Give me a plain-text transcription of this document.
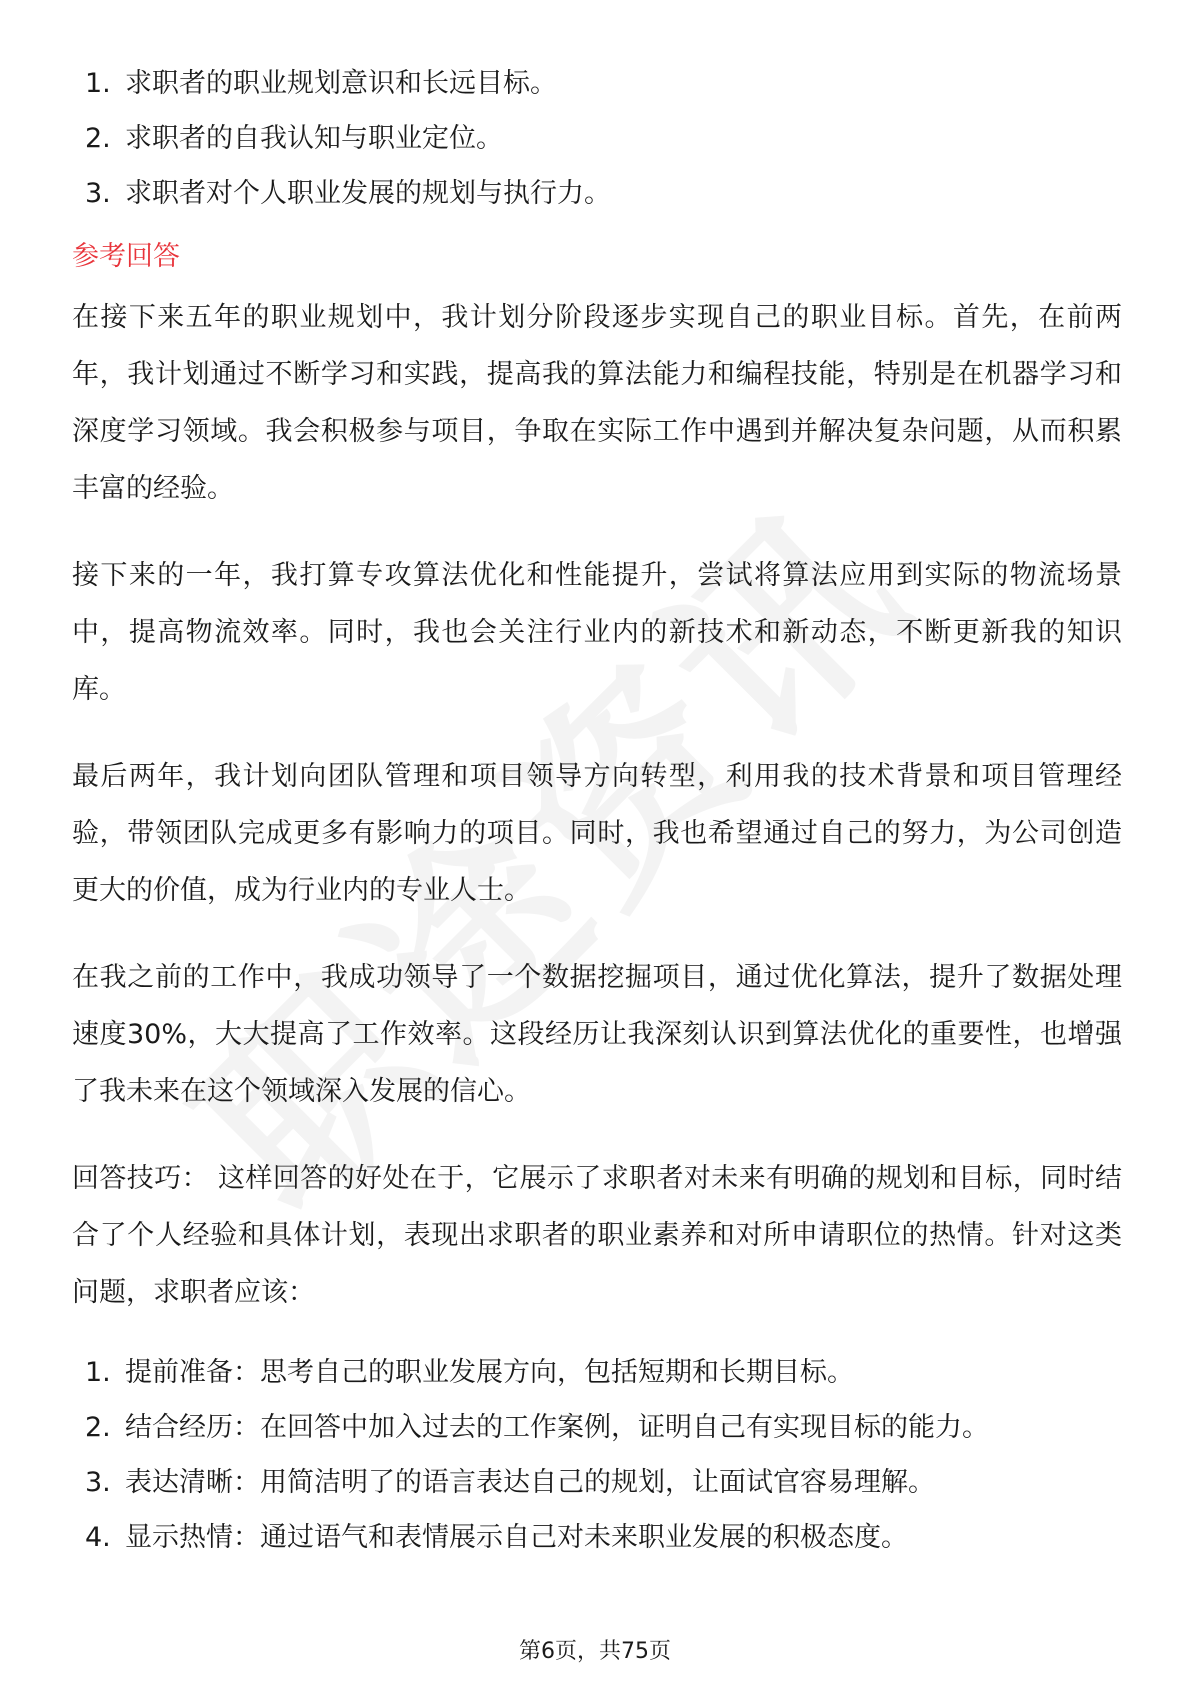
1. 求职者的职业规划意识和长远目标。
2. 求职者的自我认知与职业定位。
3. 求职者对个人职业发展的规划与执行力。
参考回答

在接下来五年的职业规划中，我计划分阶段逐步实现自己的职业目标。首先，在前两年，我计划通过不断学习和实践，提高我的算法能力和编程技能，特别是在机器学习和深度学习领域。我会积极参与项目，争取在实际工作中遇到并解决复杂问题，从而积累丰富的经验。

接下来的一年，我打算专攻算法优化和性能提升，尝试将算法应用到实际的物流场景中，提高物流效率。同时，我也会关注行业内的新技术和新动态，不断更新我的知识库。

最后两年，我计划向团队管理和项目领导方向转型，利用我的技术背景和项目管理经验，带领团队完成更多有影响力的项目。同时，我也希望通过自己的努力，为公司创造更大的价值，成为行业内的专业人士。

在我之前的工作中，我成功领导了一个数据挖掘项目，通过优化算法，提升了数据处理速度30%，大大提高了工作效率。这段经历让我深刻认识到算法优化的重要性，也增强了我未来在这个领域深入发展的信心。

回答技巧： 这样回答的好处在于，它展示了求职者对未来有明确的规划和目标，同时结合了个人经验和具体计划，表现出求职者的职业素养和对所申请职位的热情。针对这类问题，求职者应该：

1. 提前准备：思考自己的职业发展方向，包括短期和长期目标。
2. 结合经历：在回答中加入过去的工作案例，证明自己有实现目标的能力。
3. 表达清晰：用简洁明了的语言表达自己的规划，让面试官容易理解。
4. 显示热情：通过语气和表情展示自己对未来职业发展的积极态度。
第6页，共75页
